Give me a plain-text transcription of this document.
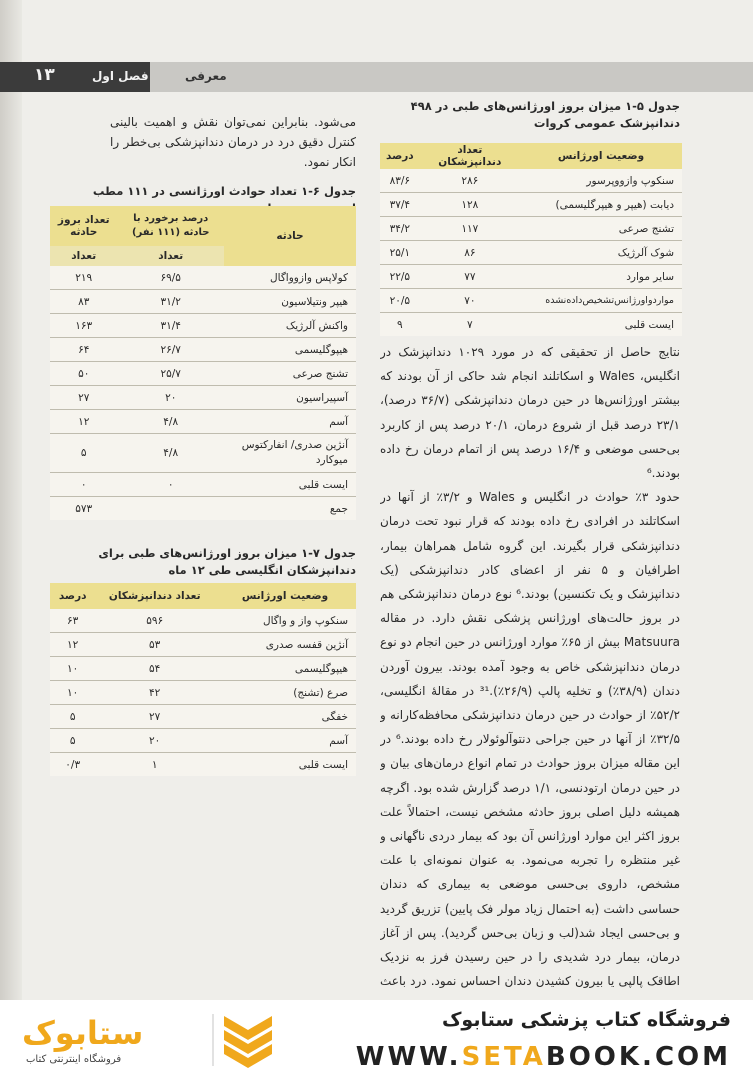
۱۳	فصل اول	معرفی

می‌شود. بنابراین نمی‌توان نقش و اهمیت بالینی کنترل دقیق درد در درمان دندانپزشکی بی‌خطر را انکار نمود.

جدول ۶-۱ تعداد حوادث اورژانسی در ۱۱۱ مطب
حادثه	درصد برخورد با حادثه (۱۱۱ نفر)	تعداد بروز حادثه
	تعداد	تعداد
کولاپس وازوواگال	۶۹/۵	۲۱۹
هیپر ونتیلاسیون	۳۱/۲	۸۳
واکنش آلرژیک	۳۱/۴	۱۶۳
هیپوگلیسمی	۲۶/۷	۶۴
تشنج صرعی	۲۵/۷	۵۰
آسپیراسیون	۲۰	۲۷
آسم	۴/۸	۱۲
آنژین صدری/ انفارکتوس میوکارد	۴/۸	۵
ایست قلبی	۰	۰
جمع		۵۷۳
جدول ۷-۱ میزان بروز اورژانس‌های طبی برای دندانپزشکان انگلیسی طی ۱۲ ماه
وضعیت اورژانس	تعداد دندانپزشکان	درصد
سنکوپ واز و واگال	۵۹۶	۶۳
آنژین قفسه صدری	۵۳	۱۲
هیپوگلیسمی	۵۴	۱۰
صرع (تشنج)	۴۲	۱۰
خفگی	۲۷	۵
آسم	۲۰	۵
ایست قلبی	۱	۰/۳
جدول ۵-۱ میزان بروز اورژانس‌های طبی در ۴۹۸ دندانپزشک عمومی کروات
وضعیت اورژانس	تعداد دندانپزشکان	درصد
سنکوپ وازووپرسور	۲۸۶	۸۳/۶
دیابت (هیپر و هیپرگلیسمی)	۱۲۸	۳۷/۴
تشنج صرعی	۱۱۷	۳۴/۲
شوک آلرژیک	۸۶	۲۵/۱
سایر موارد	۷۷	۲۲/۵
مواردواورژانس‌تشخیص‌داده‌نشده	۷۰	۲۰/۵
ایست قلبی	۷	۹

نتایج حاصل از تحقیقی که در مورد ۱۰۲۹ دندانپزشک در انگلیس، Wales و اسکاتلند انجام شد حاکی از آن بودند که بیشتر اورژانس‌ها در حین درمان دندانپزشکی (۳۶/۷ درصد)، ۲۳/۱ درصد قبل از شروع درمان، ۲۰/۱ درصد پس از کاربرد بی‌حسی موضعی و ۱۶/۴ درصد پس از اتمام درمان رخ داده بودند.⁶

حدود ۳٪ حوادث در انگلیس و Wales و ۳/۲٪ از آنها در اسکاتلند در افرادی رخ داده بودند که قرار نبود تحت درمان دندانپزشکی قرار بگیرند. این گروه شامل همراهان بیمار، اطرافیان و ۵ نفر از اعضای کادر دندانپزشکی (یک دندانپزشک و یک تکنسین) بودند.⁶ نوع درمان دندانپزشکی هم در بروز حالت‌های اورژانس پزشکی نقش دارد. در مقاله Matsuura بیش از ۶۵٪ موارد اورژانس در حین انجام دو نوع درمان دندانپزشکی خاص به وجود آمده بودند. بیرون آوردن دندان (۳۸/۹٪) و تخلیه پالپ (۲۶/۹٪).³¹ در مقالهٔ انگلیسی، ۵۲/۲٪ از حوادث در حین درمان دندانپزشکی محافظه‌کارانه و ۳۲/۵٪ از آنها در حین جراحی دنتوآلوئولار رخ داده بودند.⁶ در این مقاله میزان بروز حوادث در تمام انواع درمان‌های بیان و در حین درمان ارتودنسی، ۱/۱ درصد گزارش شده بود. اگرچه همیشه دلیل اصلی بروز حادثه مشخص نیست، احتمالاً علت بروز اکثر این موارد اورژانس آن بود که بیمار دردی ناگهانی و غیر منتظره را تجربه می‌نمود. به عنوان نمونه‌ای با علت مشخص، داروی بی‌حسی موضعی به بیماری که دندان حساسی داشت (به احتمال زیاد مولر فک پایین) تزریق گردید و بی‌حسی ایجاد شد(لب و زبان بی‌حس گردید). پس از آغاز درمان، بیمار درد شدیدی را در حین رسیدن فرز به نزدیک اطاقک پالپی یا بیرون کشیدن دندان احساس نمود. درد باعث

ستابوک
فروشگاه اینترنتی کتاب
فروشگاه کتاب پزشکی ستابوک
WWW.SETABOOK.COM
